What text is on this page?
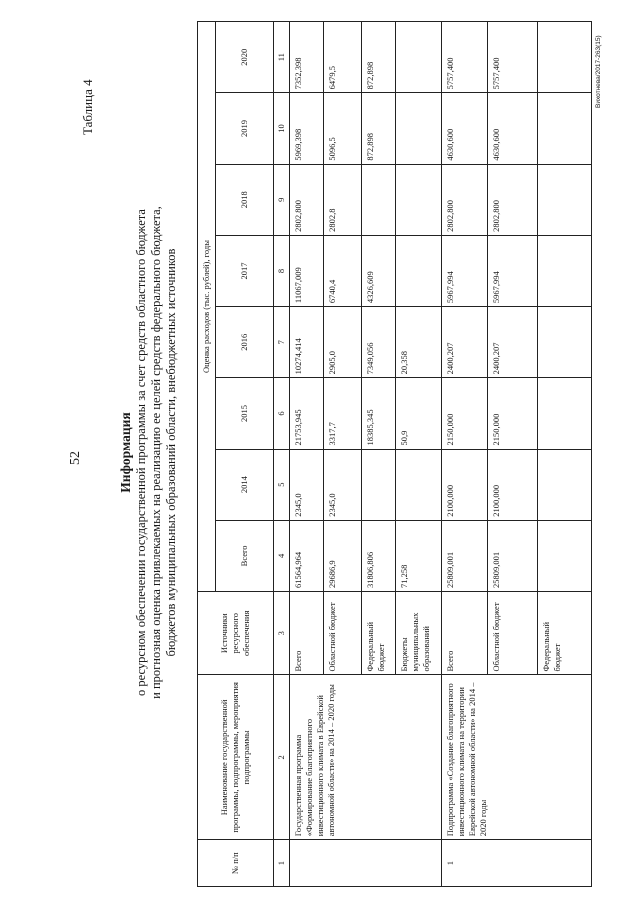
52
Таблица 4
Информация о ресурсном обеспечении государственной программы за счет средств областного бюджета и прогнозная оценка привлекаемых на реализацию ее целей средств федерального бюджета, бюджетов муниципальных образований области, внебюджетных источников
№ п/п	Наименование государственной программы, подпрограммы, мероприятия подпрограммы	Источники ресурсного обеспечения	Оценка расходов (тыс. рублей), годы							
			Всего	2014	2015	2016	2017	2018	2019	2020
1	2	3	4	5	6	7	8	9	10	11
	Государственная программа «Формирование благоприятного инвестиционного климата в Еврейской автономной области» на 2014 – 2020 годы	Всего	61564,964	2345,0	21753,945	10274,414	11067,009	2802,800	5969,398	7352,398
		Областной бюджет	29686,9	2345,0	3317,7	2905,0	6740,4	2802,8	5096,5	6479,5
		Федеральный бюджет	31806,806		18385,345	7349,056	4326,609		872,898	872,898
		Бюджеты муниципальных образований	71,258		50,9	20,358				
1	Подпрограмма «Создание благоприятного инвестиционного климата на территории Еврейской автономной области» на 2014 – 2020 годы	Всего	25809,001	2100,000	2150,000	2400,207	5967,994	2802,800	4630,600	5757,400
		Областной бюджет	25809,001	2100,000	2150,000	2400,207	5967,994	2802,800	4630,600	5757,400
		Федеральный бюджет								
Вихотнева/2017-263(15)
